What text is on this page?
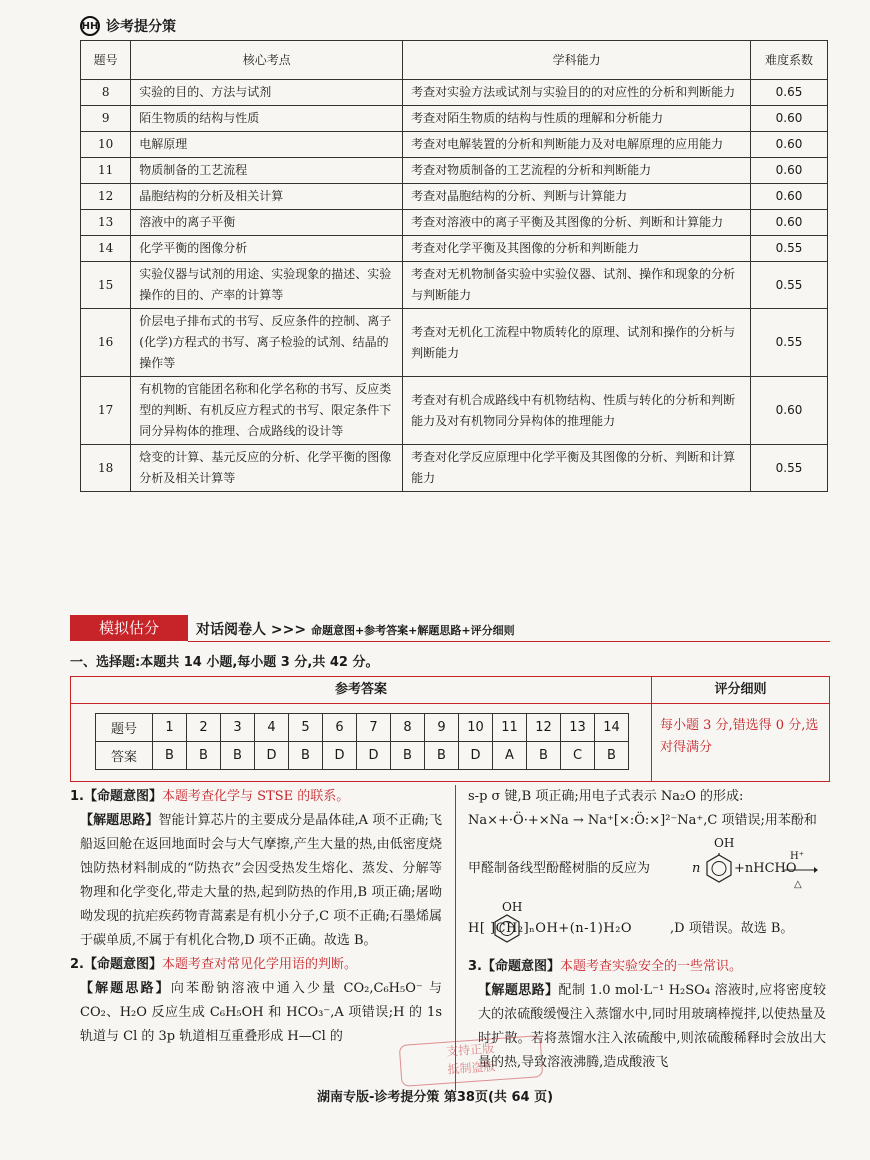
HH 诊考提分策
题号	核心考点	学科能力	难度系数
8	实验的目的、方法与试剂	考查对实验方法或试剂与实验目的的对应性的分析和判断能力	0.65
9	陌生物质的结构与性质	考查对陌生物质的结构与性质的理解和分析能力	0.60
10	电解原理	考查对电解装置的分析和判断能力及对电解原理的应用能力	0.60
11	物质制备的工艺流程	考查对物质制备的工艺流程的分析和判断能力	0.60
12	晶胞结构的分析及相关计算	考查对晶胞结构的分析、判断与计算能力	0.60
13	溶液中的离子平衡	考查对溶液中的离子平衡及其图像的分析、判断和计算能力	0.60
14	化学平衡的图像分析	考查对化学平衡及其图像的分析和判断能力	0.55
15	实验仪器与试剂的用途、实验现象的描述、实验操作的目的、产率的计算等	考查对无机物制备实验中实验仪器、试剂、操作和现象的分析与判断能力	0.55
16	价层电子排布式的书写、反应条件的控制、离子(化学)方程式的书写、离子检验的试剂、结晶的操作等	考查对无机化工流程中物质转化的原理、试剂和操作的分析与判断能力	0.55
17	有机物的官能团名称和化学名称的书写、反应类型的判断、有机反应方程式的书写、限定条件下同分异构体的推理、合成路线的设计等	考查对有机合成路线中有机物结构、性质与转化的分析和判断能力及对有机物同分异构体的推理能力	0.60
18	焓变的计算、基元反应的分析、化学平衡的图像分析及相关计算等	考查对化学反应原理中化学平衡及其图像的分析、判断和计算能力	0.55
模拟估分	对话阅卷人 >>> 命题意图+参考答案+解题思路+评分细则
一、选择题:本题共 14 小题,每小题 3 分,共 42 分。
参考答案	评分细则
题号	1	2	3	4	5	6	7	8	9	10	11	12	13	14
答案	B	B	B	D	B	D	D	B	B	D	A	B	C	B
每小题 3 分,错选得 0 分,选对得满分

1.【命题意图】本题考查化学与 STSE 的联系。

【解题思路】智能计算芯片的主要成分是晶体硅,A 项不正确;飞船返回舱在返回地面时会与大气摩擦,产生大量的热,由低密度烧蚀防热材料制成的“防热衣”会因受热发生熔化、蒸发、分解等物理和化学变化,带走大量的热,起到防热的作用,B 项正确;屠呦呦发现的抗疟疾药物青蒿素是有机小分子,C 项不正确;石墨烯属于碳单质,不属于有机化合物,D 项不正确。故选 B。

2.【命题意图】本题考查对常见化学用语的判断。

【解题思路】向苯酚钠溶液中通入少量 CO₂,C₆H₅O⁻ 与 CO₂、H₂O 反应生成 C₆H₅OH 和 HCO₃⁻,A 项错误;H 的 1s 轨道与 Cl 的 3p 轨道相互重叠形成 H—Cl 的

s-p σ 键,B 项正确;用电子式表示 Na₂O 的形成:

Na×+·Ö·+×Na → Na⁺[×:Ö:×]²⁻Na⁺,C 项错误;用苯酚和

OH
甲醛制备线型酚醛树脂的反应为	n	+nHCHO
H⁺
△
OH
H[ ]CH₂]ₙOH+(n-1)H₂O	,D 项错误。故选 B。

3.【命题意图】本题考查实验安全的一些常识。

【解题思路】配制 1.0 mol·L⁻¹ H₂SO₄ 溶液时,应将密度较大的浓硫酸缓慢注入蒸馏水中,同时用玻璃棒搅拌,以使热量及时扩散。若将蒸馏水注入浓硫酸中,则浓硫酸稀释时会放出大量的热,导致溶液沸腾,造成酸液飞

支持正版
抵制盗版
湖南专版-诊考提分策 第38页(共 64 页)
